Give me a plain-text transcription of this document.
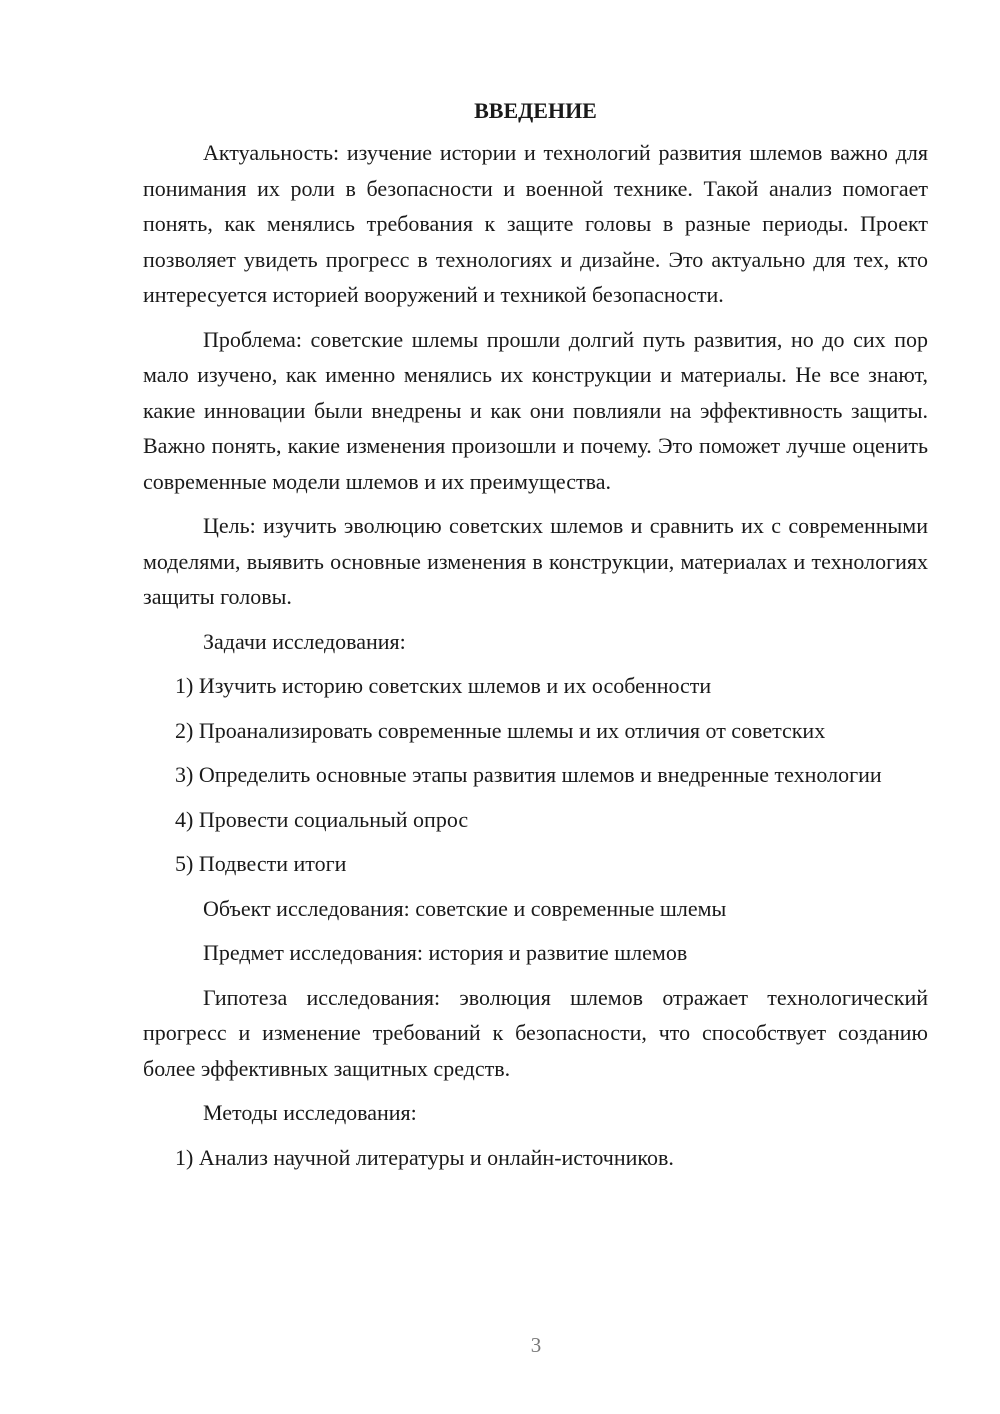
ВВЕДЕНИЕ
Актуальность: изучение истории и технологий развития шлемов важно для понимания их роли в безопасности и военной технике. Такой анализ помогает понять, как менялись требования к защите головы в разные периоды. Проект позволяет увидеть прогресс в технологиях и дизайне. Это актуально для тех, кто интересуется историей вооружений и техникой безопасности.
Проблема: советские шлемы прошли долгий путь развития, но до сих пор мало изучено, как именно менялись их конструкции и материалы. Не все знают, какие инновации были внедрены и как они повлияли на эффективность защиты. Важно понять, какие изменения произошли и почему. Это поможет лучше оценить современные модели шлемов и их преимущества.
Цель: изучить эволюцию советских шлемов и сравнить их с современными моделями, выявить основные изменения в конструкции, материалах и технологиях защиты головы.
Задачи исследования:
1) Изучить историю советских шлемов и их особенности
2) Проанализировать современные шлемы и их отличия от советских
3) Определить основные этапы развития шлемов и внедренные технологии
4) Провести социальный опрос
5) Подвести итоги
Объект исследования: советские и современные шлемы
Предмет исследования: история и развитие шлемов
Гипотеза исследования: эволюция шлемов отражает технологический прогресс и изменение требований к безопасности, что способствует созданию более эффективных защитных средств.
Методы исследования:
1) Анализ научной литературы и онлайн-источников.
3
